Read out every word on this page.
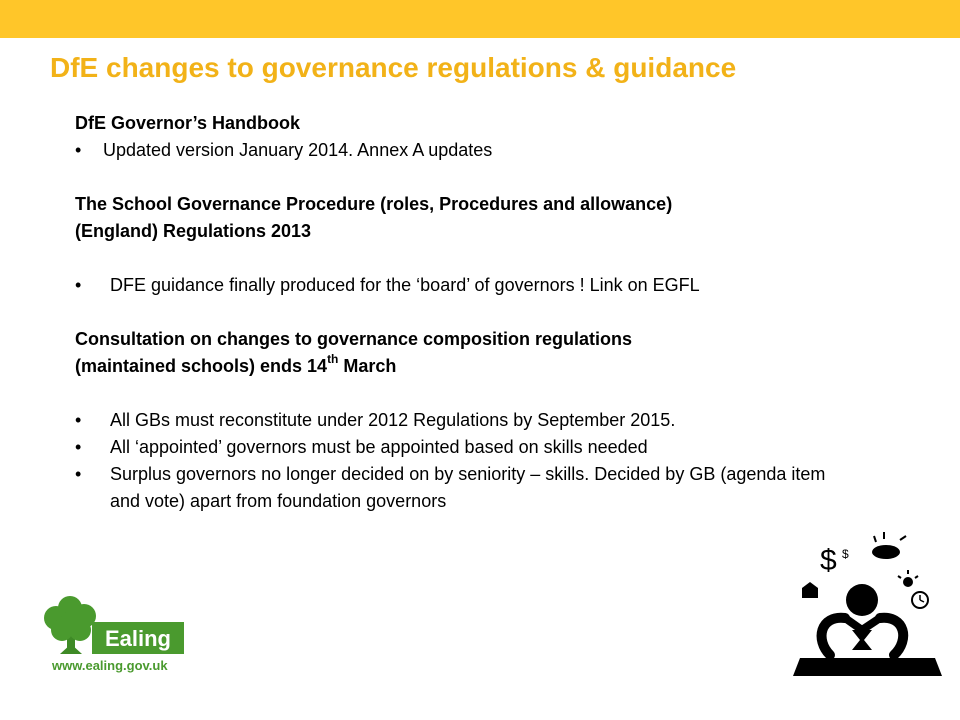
DfE changes to governance regulations & guidance

DfE Governor’s Handbook

• Updated version January 2014. Annex A updates

The School Governance Procedure (roles, Procedures and allowance)

(England) Regulations 2013

• DFE guidance finally produced for the ‘board’ of governors ! Link on EGFL

Consultation on changes to governance composition regulations

(maintained schools) ends 14th March

• All GBs must reconstitute under 2012 Regulations by September 2015.
• All ‘appointed’ governors must be appointed based on skills needed
• Surplus governors no longer decided on by seniority – skills. Decided by GB (agenda item and vote) apart from foundation governors
Ealing
www.ealing.gov.uk
$ $
